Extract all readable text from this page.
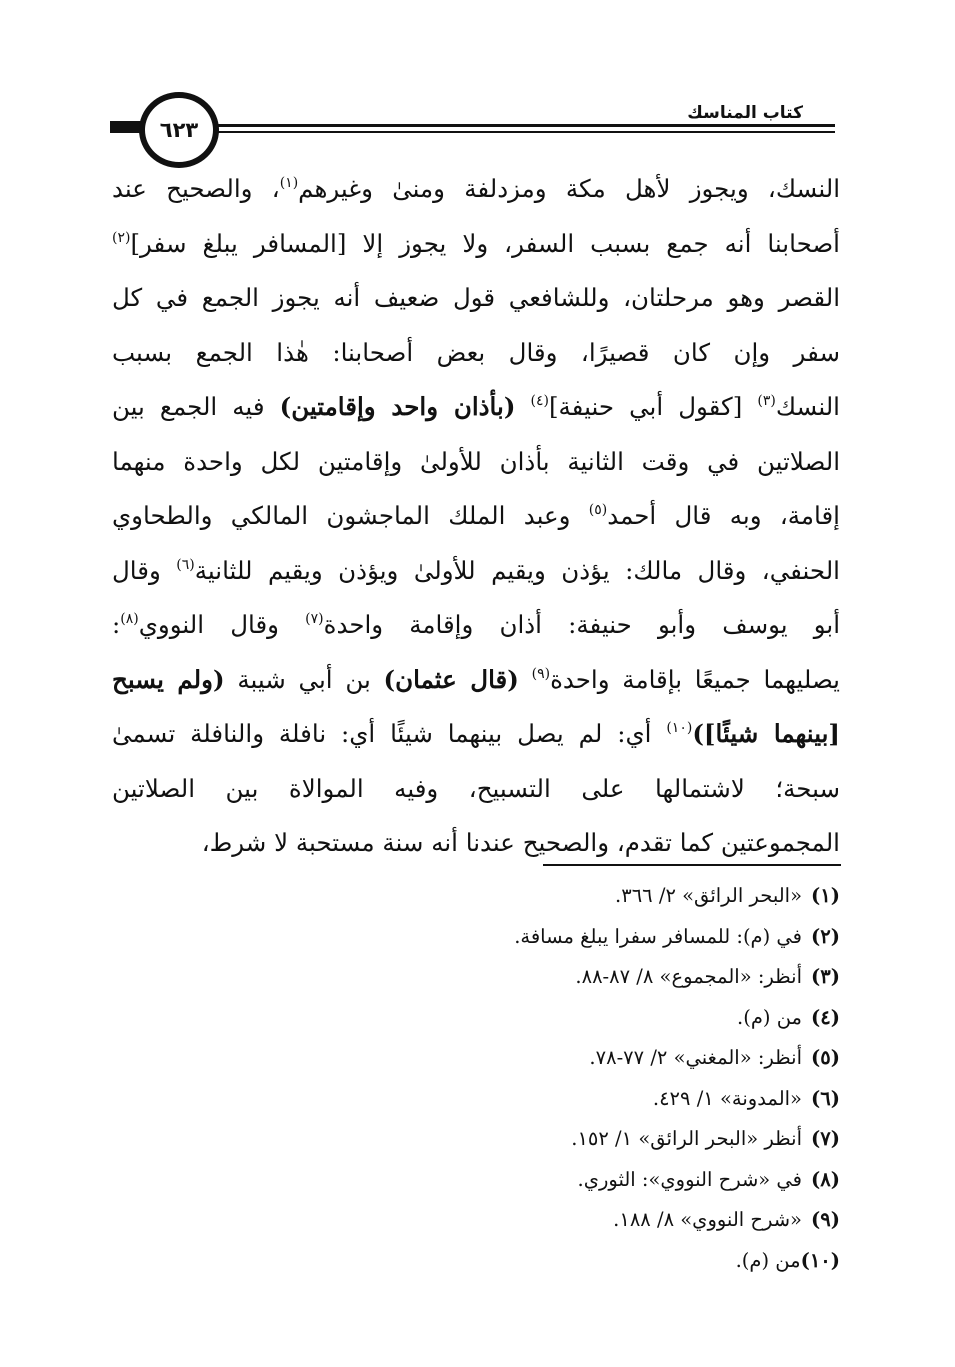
كتاب المناسك
٦٢٣
النسك، ويجوز لأهل مكة ومزدلفة ومنىٰ وغيرهم$^{(١)}$، والصحيح عند
أصحابنا أنه جمع بسبب السفر، ولا يجوز إلا [المسافر يبلغ سفر]$^{(٢)}$
القصر وهو مرحلتان، وللشافعي قول ضعيف أنه يجوز الجمع في كل
سفر وإن كان قصيرًا، وقال بعض أصحابنا: هٰذا الجمع بسبب
النسك$^{(٣)}$ [كقول أبي حنيفة]$^{(٤)}$ (بأذان واحد وإقامتين) فيه الجمع بين
الصلاتين في وقت الثانية بأذان للأولىٰ وإقامتين لكل واحدة منهما
إقامة، وبه قال أحمد$^{(٥)}$ وعبد الملك الماجشون المالكي والطحاوي
الحنفي، وقال مالك: يؤذن ويقيم للأولىٰ ويؤذن ويقيم للثانية$^{(٦)}$ وقال
أبو يوسف وأبو حنيفة: أذان وإقامة واحدة$^{(٧)}$ وقال النووي$^{(٨)}$:
يصليهما جميعًا بإقامة واحدة$^{(٩)}$ (قال عثمان) بن أبي شيبة (ولم يسبح
[بينهما شيئًا])$^{(١٠)}$ أي: لم يصل بينهما شيئًا أي: نافلة والنافلة تسمىٰ
سبحة؛ لاشتمالها على التسبيح، وفيه الموالاة بين الصلاتين
المجموعتين كما تقدم، والصحيح عندنا أنه سنة مستحبة لا شرط،
(١)«البحر الرائق» ٢/ ٣٦٦.
(٢)في (م): للمسافر سفرا يبلغ مسافة.
(٣)أنظر: «المجموع» ٨/ ٨٧-٨٨.
(٤)من (م).
(٥)أنظر: «المغني» ٢/ ٧٧-٧٨.
(٦)«المدونة» ١/ ٤٢٩.
(٧)أنظر «البحر الرائق» ١/ ١٥٢.
(٨)في «شرح النووي»: الثوري.
(٩)«شرح النووي» ٨/ ١٨٨.
(١٠)من (م).
